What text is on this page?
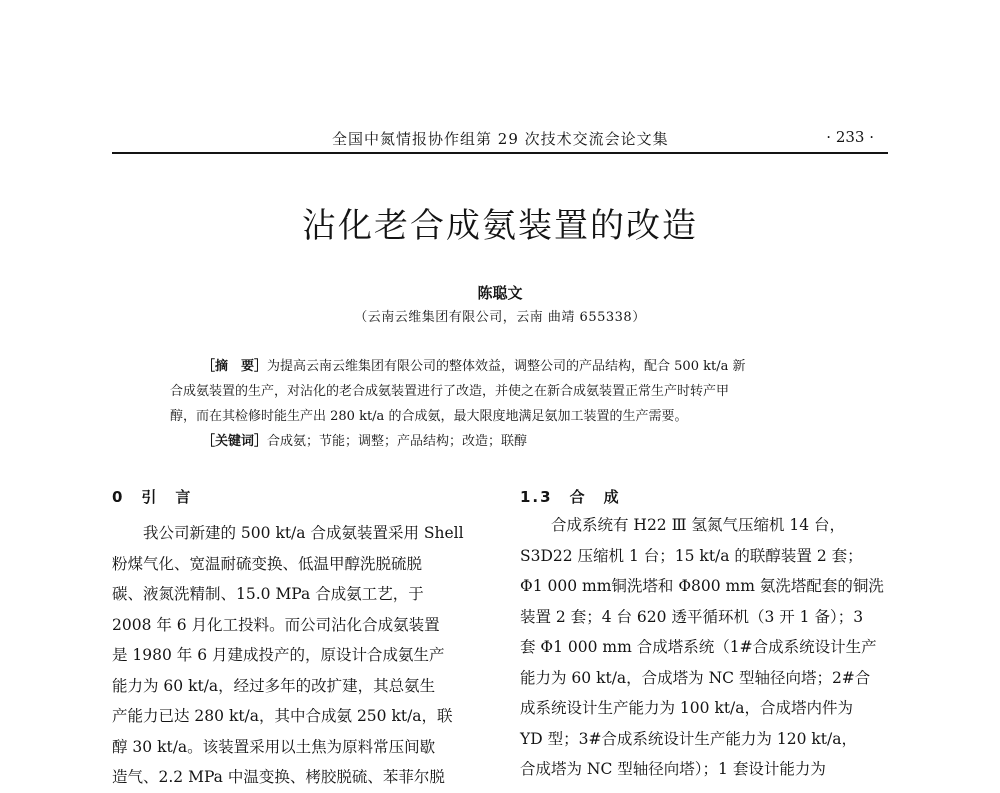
全国中氮情报协作组第 29 次技术交流会论文集	· 233 ·
沾化老合成氨装置的改造
陈聪文
（云南云维集团有限公司，云南 曲靖 655338）

［摘　要］为提高云南云维集团有限公司的整体效益，调整公司的产品结构，配合 500 kt/a 新

合成氨装置的生产，对沾化的老合成氨装置进行了改造，并使之在新合成氨装置正常生产时转产甲

醇，而在其检修时能生产出 280 kt/a 的合成氨，最大限度地满足氨加工装置的生产需要。

［关键词］合成氨；节能；调整；产品结构；改造；联醇

0　引　言
我公司新建的 500 kt/a 合成氨装置采用 Shell
粉煤气化、宽温耐硫变换、低温甲醇洗脱硫脱
碳、液氮洗精制、15.0 MPa 合成氨工艺，于
2008 年 6 月化工投料。而公司沾化合成氨装置
是 1980 年 6 月建成投产的，原设计合成氨生产
能力为 60 kt/a，经过多年的改扩建，其总氨生
产能力已达 280 kt/a，其中合成氨 250 kt/a，联
醇 30 kt/a。该装置采用以土焦为原料常压间歇
造气、2.2 MPa 中温变换、栲胶脱硫、苯菲尔脱
1.3　合　成
合成系统有 H22 Ⅲ 氢氮气压缩机 14 台，
S3D22 压缩机 1 台；15 kt/a 的联醇装置 2 套；
Φ1 000 mm铜洗塔和 Φ800 mm 氨洗塔配套的铜洗
装置 2 套；4 台 620 透平循环机（3 开 1 备）；3
套 Φ1 000 mm 合成塔系统（1#合成系统设计生产
能力为 60 kt/a，合成塔为 NC 型轴径向塔；2#合
成系统设计生产能力为 100 kt/a，合成塔内件为
YD 型；3#合成系统设计生产能力为 120 kt/a，
合成塔为 NC 型轴径向塔）；1 套设计能力为
